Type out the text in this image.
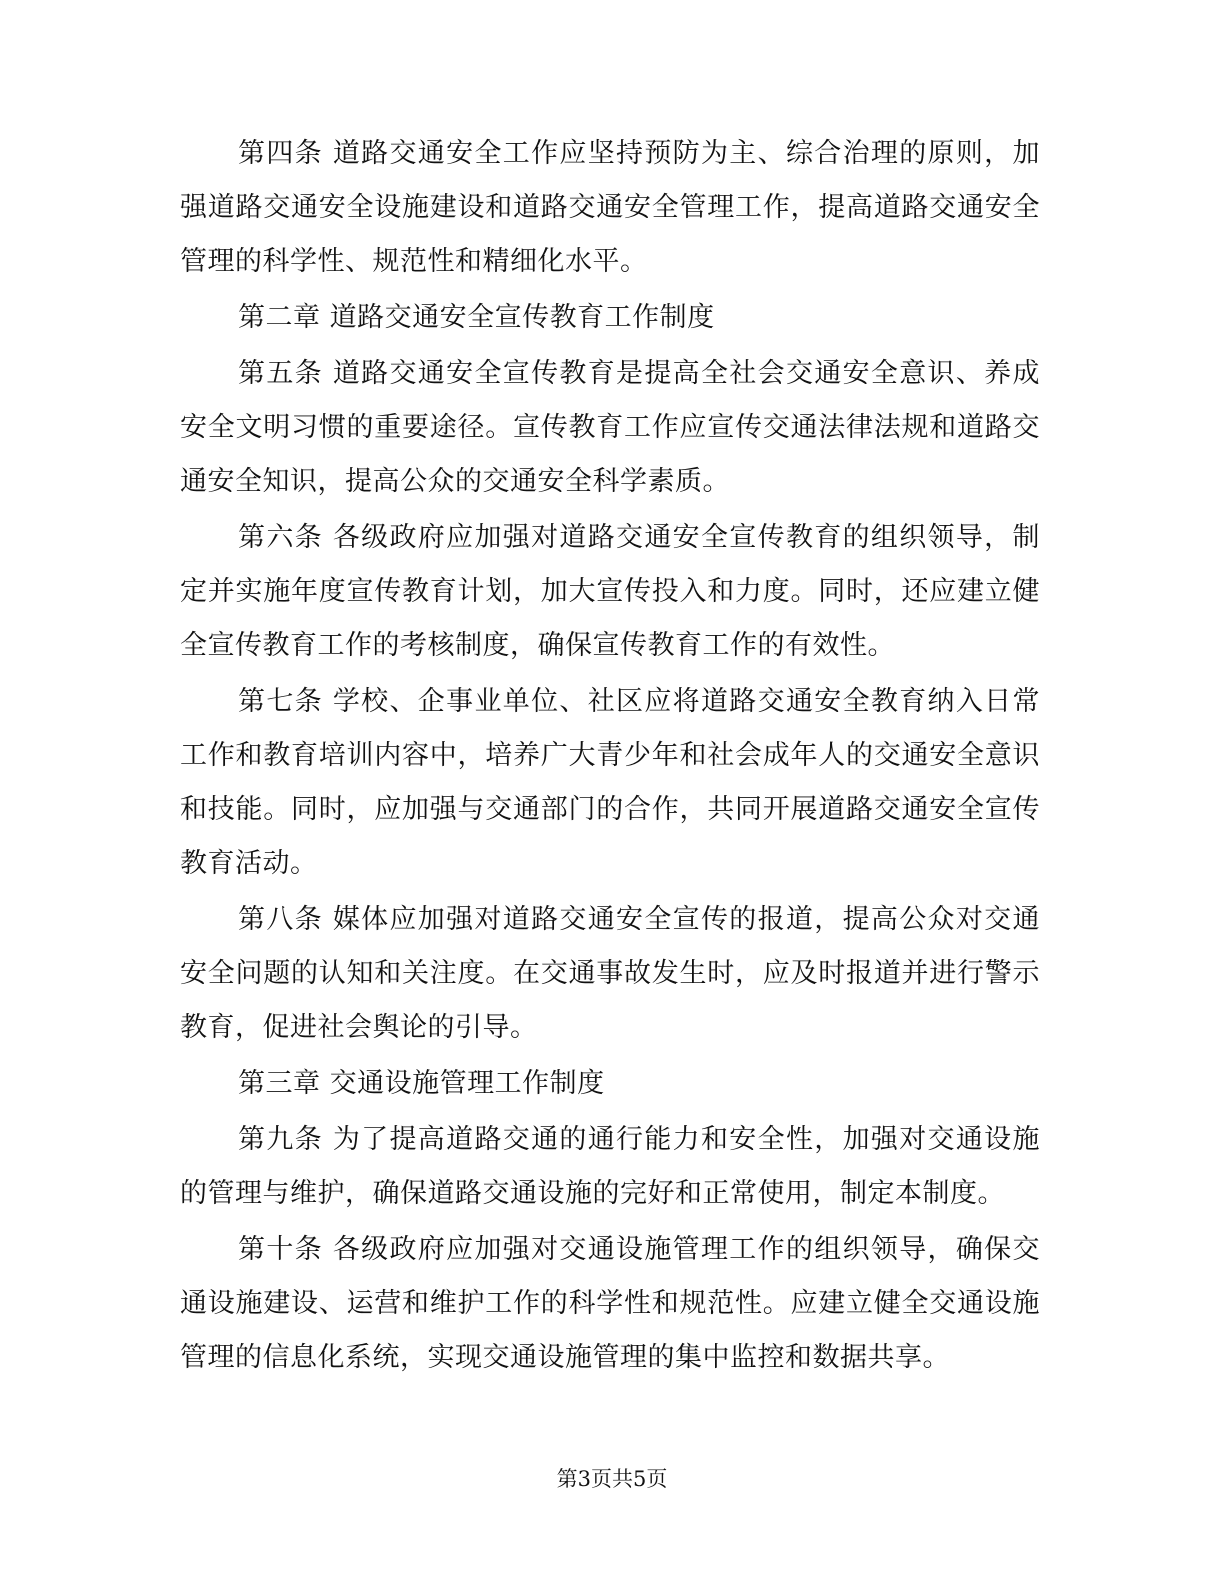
第四条 道路交通安全工作应坚持预防为主、综合治理的原则，加强道路交通安全设施建设和道路交通安全管理工作，提高道路交通安全管理的科学性、规范性和精细化水平。

第二章 道路交通安全宣传教育工作制度

第五条 道路交通安全宣传教育是提高全社会交通安全意识、养成安全文明习惯的重要途径。宣传教育工作应宣传交通法律法规和道路交通安全知识，提高公众的交通安全科学素质。

第六条 各级政府应加强对道路交通安全宣传教育的组织领导，制定并实施年度宣传教育计划，加大宣传投入和力度。同时，还应建立健全宣传教育工作的考核制度，确保宣传教育工作的有效性。

第七条 学校、企事业单位、社区应将道路交通安全教育纳入日常工作和教育培训内容中，培养广大青少年和社会成年人的交通安全意识和技能。同时，应加强与交通部门的合作，共同开展道路交通安全宣传教育活动。

第八条 媒体应加强对道路交通安全宣传的报道，提高公众对交通安全问题的认知和关注度。在交通事故发生时，应及时报道并进行警示教育，促进社会舆论的引导。

第三章 交通设施管理工作制度

第九条 为了提高道路交通的通行能力和安全性，加强对交通设施的管理与维护，确保道路交通设施的完好和正常使用，制定本制度。

第十条 各级政府应加强对交通设施管理工作的组织领导，确保交通设施建设、运营和维护工作的科学性和规范性。应建立健全交通设施管理的信息化系统，实现交通设施管理的集中监控和数据共享。

第3页共5页
